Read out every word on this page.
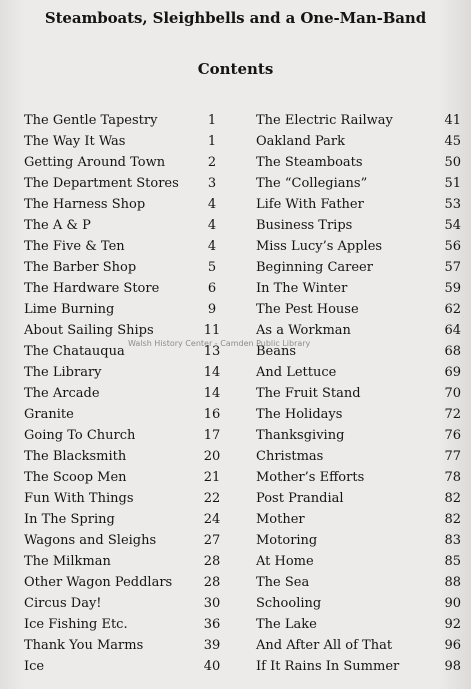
Steamboats, Sleighbells and a One-Man-Band
Contents
The Gentle Tapestry	1
The Way It Was	1
Getting Around Town	2
The Department Stores	3
The Harness Shop	4
The A & P	4
The Five & Ten	4
The Barber Shop	5
The Hardware Store	6
Lime Burning	9
About Sailing Ships	11
The Chatauqua	13
The Library	14
The Arcade	14
Granite	16
Going To Church	17
The Blacksmith	20
The Scoop Men	21
Fun With Things	22
In The Spring	24
Wagons and Sleighs	27
The Milkman	28
Other Wagon Peddlars	28
Circus Day!	30
Ice Fishing Etc.	36
Thank You Marms	39
Ice	40
The Electric Railway	41
Oakland Park	45
The Steamboats	50
The “Collegians”	51
Life With Father	53
Business Trips	54
Miss Lucy’s Apples	56
Beginning Career	57
In The Winter	59
The Pest House	62
As a Workman	64
Beans	68
And Lettuce	69
The Fruit Stand	70
The Holidays	72
Thanksgiving	76
Christmas	77
Mother’s Efforts	78
Post Prandial	82
Mother	82
Motoring	83
At Home	85
The Sea	88
Schooling	90
The Lake	92
And After All of That	96
If It Rains In Summer	98
Walsh History Center - Camden Public Library
